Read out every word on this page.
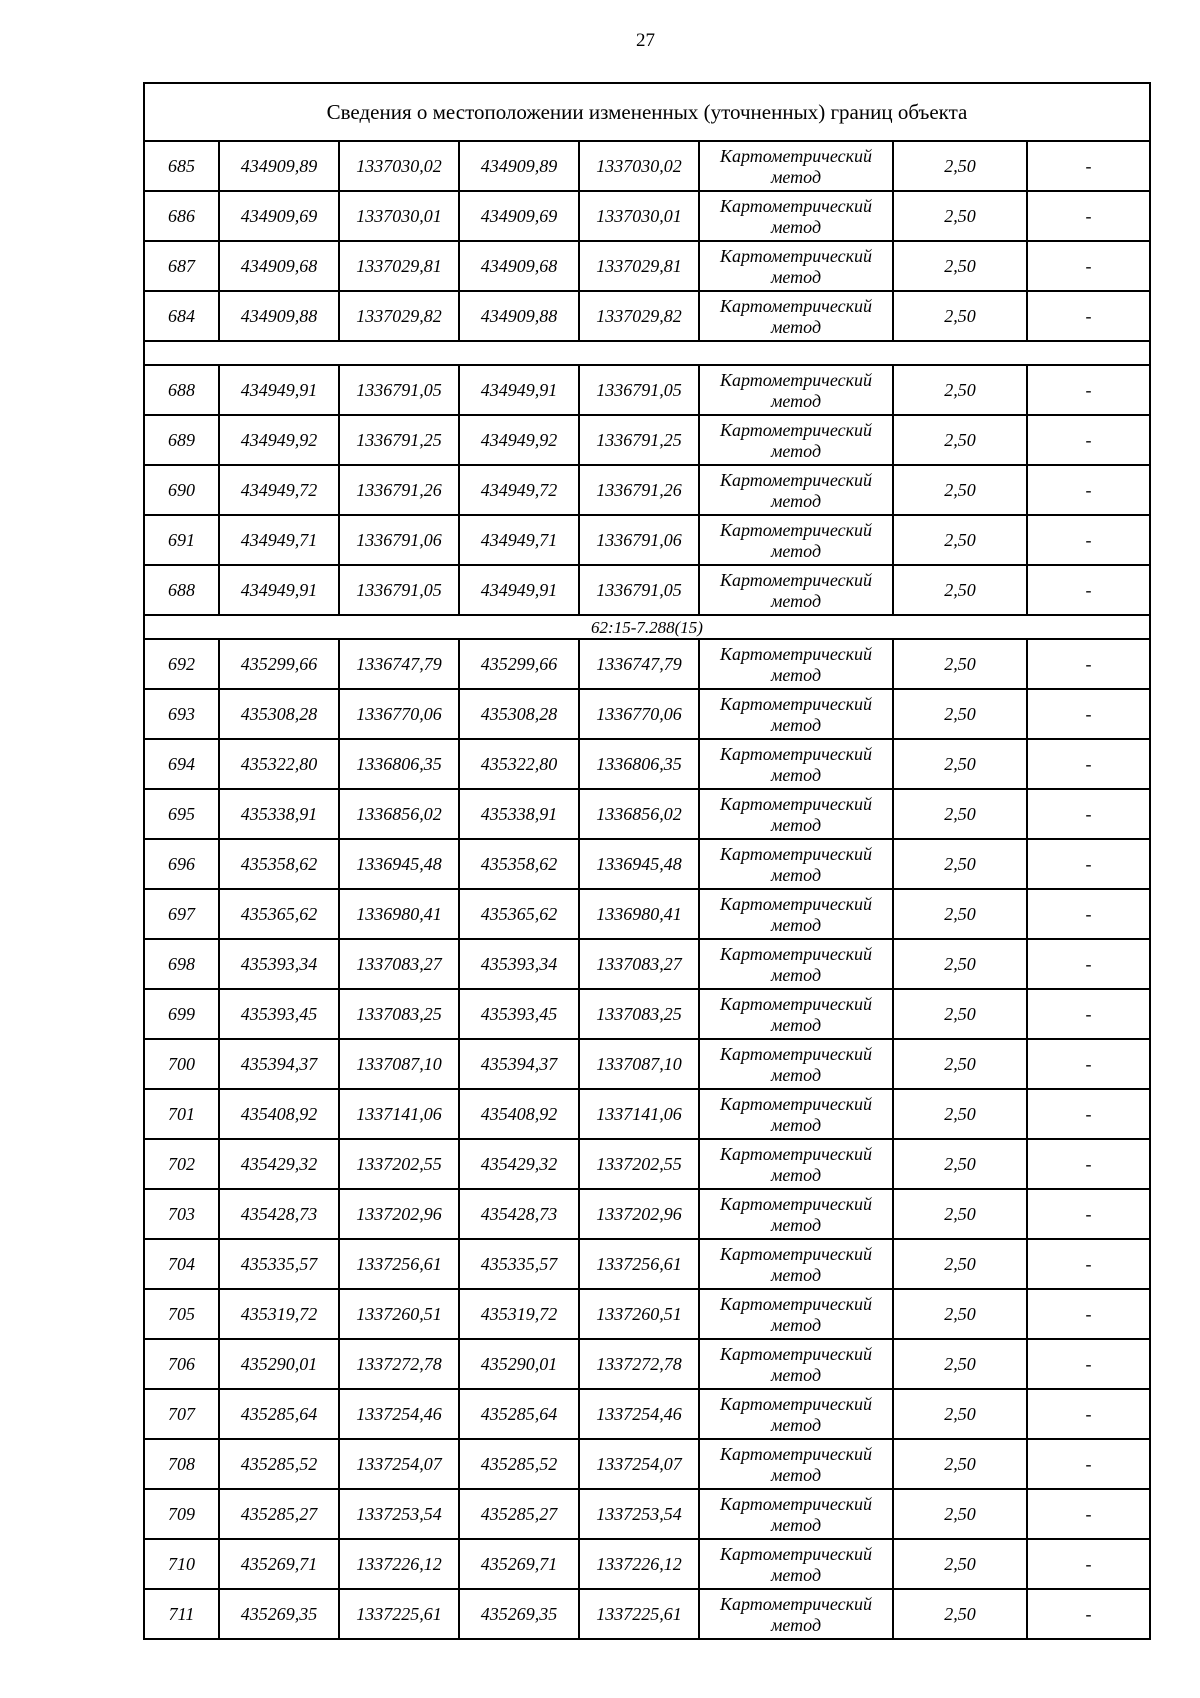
27
Сведения о местоположении измененных (уточненных) границ объекта							
685	434909,89	1337030,02	434909,89	1337030,02	Картометрический
метод	2,50	-
686	434909,69	1337030,01	434909,69	1337030,01	Картометрический
метод	2,50	-
687	434909,68	1337029,81	434909,68	1337029,81	Картометрический
метод	2,50	-
684	434909,88	1337029,82	434909,88	1337029,82	Картометрический
метод	2,50	-

688	434949,91	1336791,05	434949,91	1336791,05	Картометрический
метод	2,50	-
689	434949,92	1336791,25	434949,92	1336791,25	Картометрический
метод	2,50	-
690	434949,72	1336791,26	434949,72	1336791,26	Картометрический
метод	2,50	-
691	434949,71	1336791,06	434949,71	1336791,06	Картометрический
метод	2,50	-
688	434949,91	1336791,05	434949,91	1336791,05	Картометрический
метод	2,50	-
62:15-7.288(15)							
692	435299,66	1336747,79	435299,66	1336747,79	Картометрический
метод	2,50	-
693	435308,28	1336770,06	435308,28	1336770,06	Картометрический
метод	2,50	-
694	435322,80	1336806,35	435322,80	1336806,35	Картометрический
метод	2,50	-
695	435338,91	1336856,02	435338,91	1336856,02	Картометрический
метод	2,50	-
696	435358,62	1336945,48	435358,62	1336945,48	Картометрический
метод	2,50	-
697	435365,62	1336980,41	435365,62	1336980,41	Картометрический
метод	2,50	-
698	435393,34	1337083,27	435393,34	1337083,27	Картометрический
метод	2,50	-
699	435393,45	1337083,25	435393,45	1337083,25	Картометрический
метод	2,50	-
700	435394,37	1337087,10	435394,37	1337087,10	Картометрический
метод	2,50	-
701	435408,92	1337141,06	435408,92	1337141,06	Картометрический
метод	2,50	-
702	435429,32	1337202,55	435429,32	1337202,55	Картометрический
метод	2,50	-
703	435428,73	1337202,96	435428,73	1337202,96	Картометрический
метод	2,50	-
704	435335,57	1337256,61	435335,57	1337256,61	Картометрический
метод	2,50	-
705	435319,72	1337260,51	435319,72	1337260,51	Картометрический
метод	2,50	-
706	435290,01	1337272,78	435290,01	1337272,78	Картометрический
метод	2,50	-
707	435285,64	1337254,46	435285,64	1337254,46	Картометрический
метод	2,50	-
708	435285,52	1337254,07	435285,52	1337254,07	Картометрический
метод	2,50	-
709	435285,27	1337253,54	435285,27	1337253,54	Картометрический
метод	2,50	-
710	435269,71	1337226,12	435269,71	1337226,12	Картометрический
метод	2,50	-
711	435269,35	1337225,61	435269,35	1337225,61	Картометрический
метод	2,50	-
